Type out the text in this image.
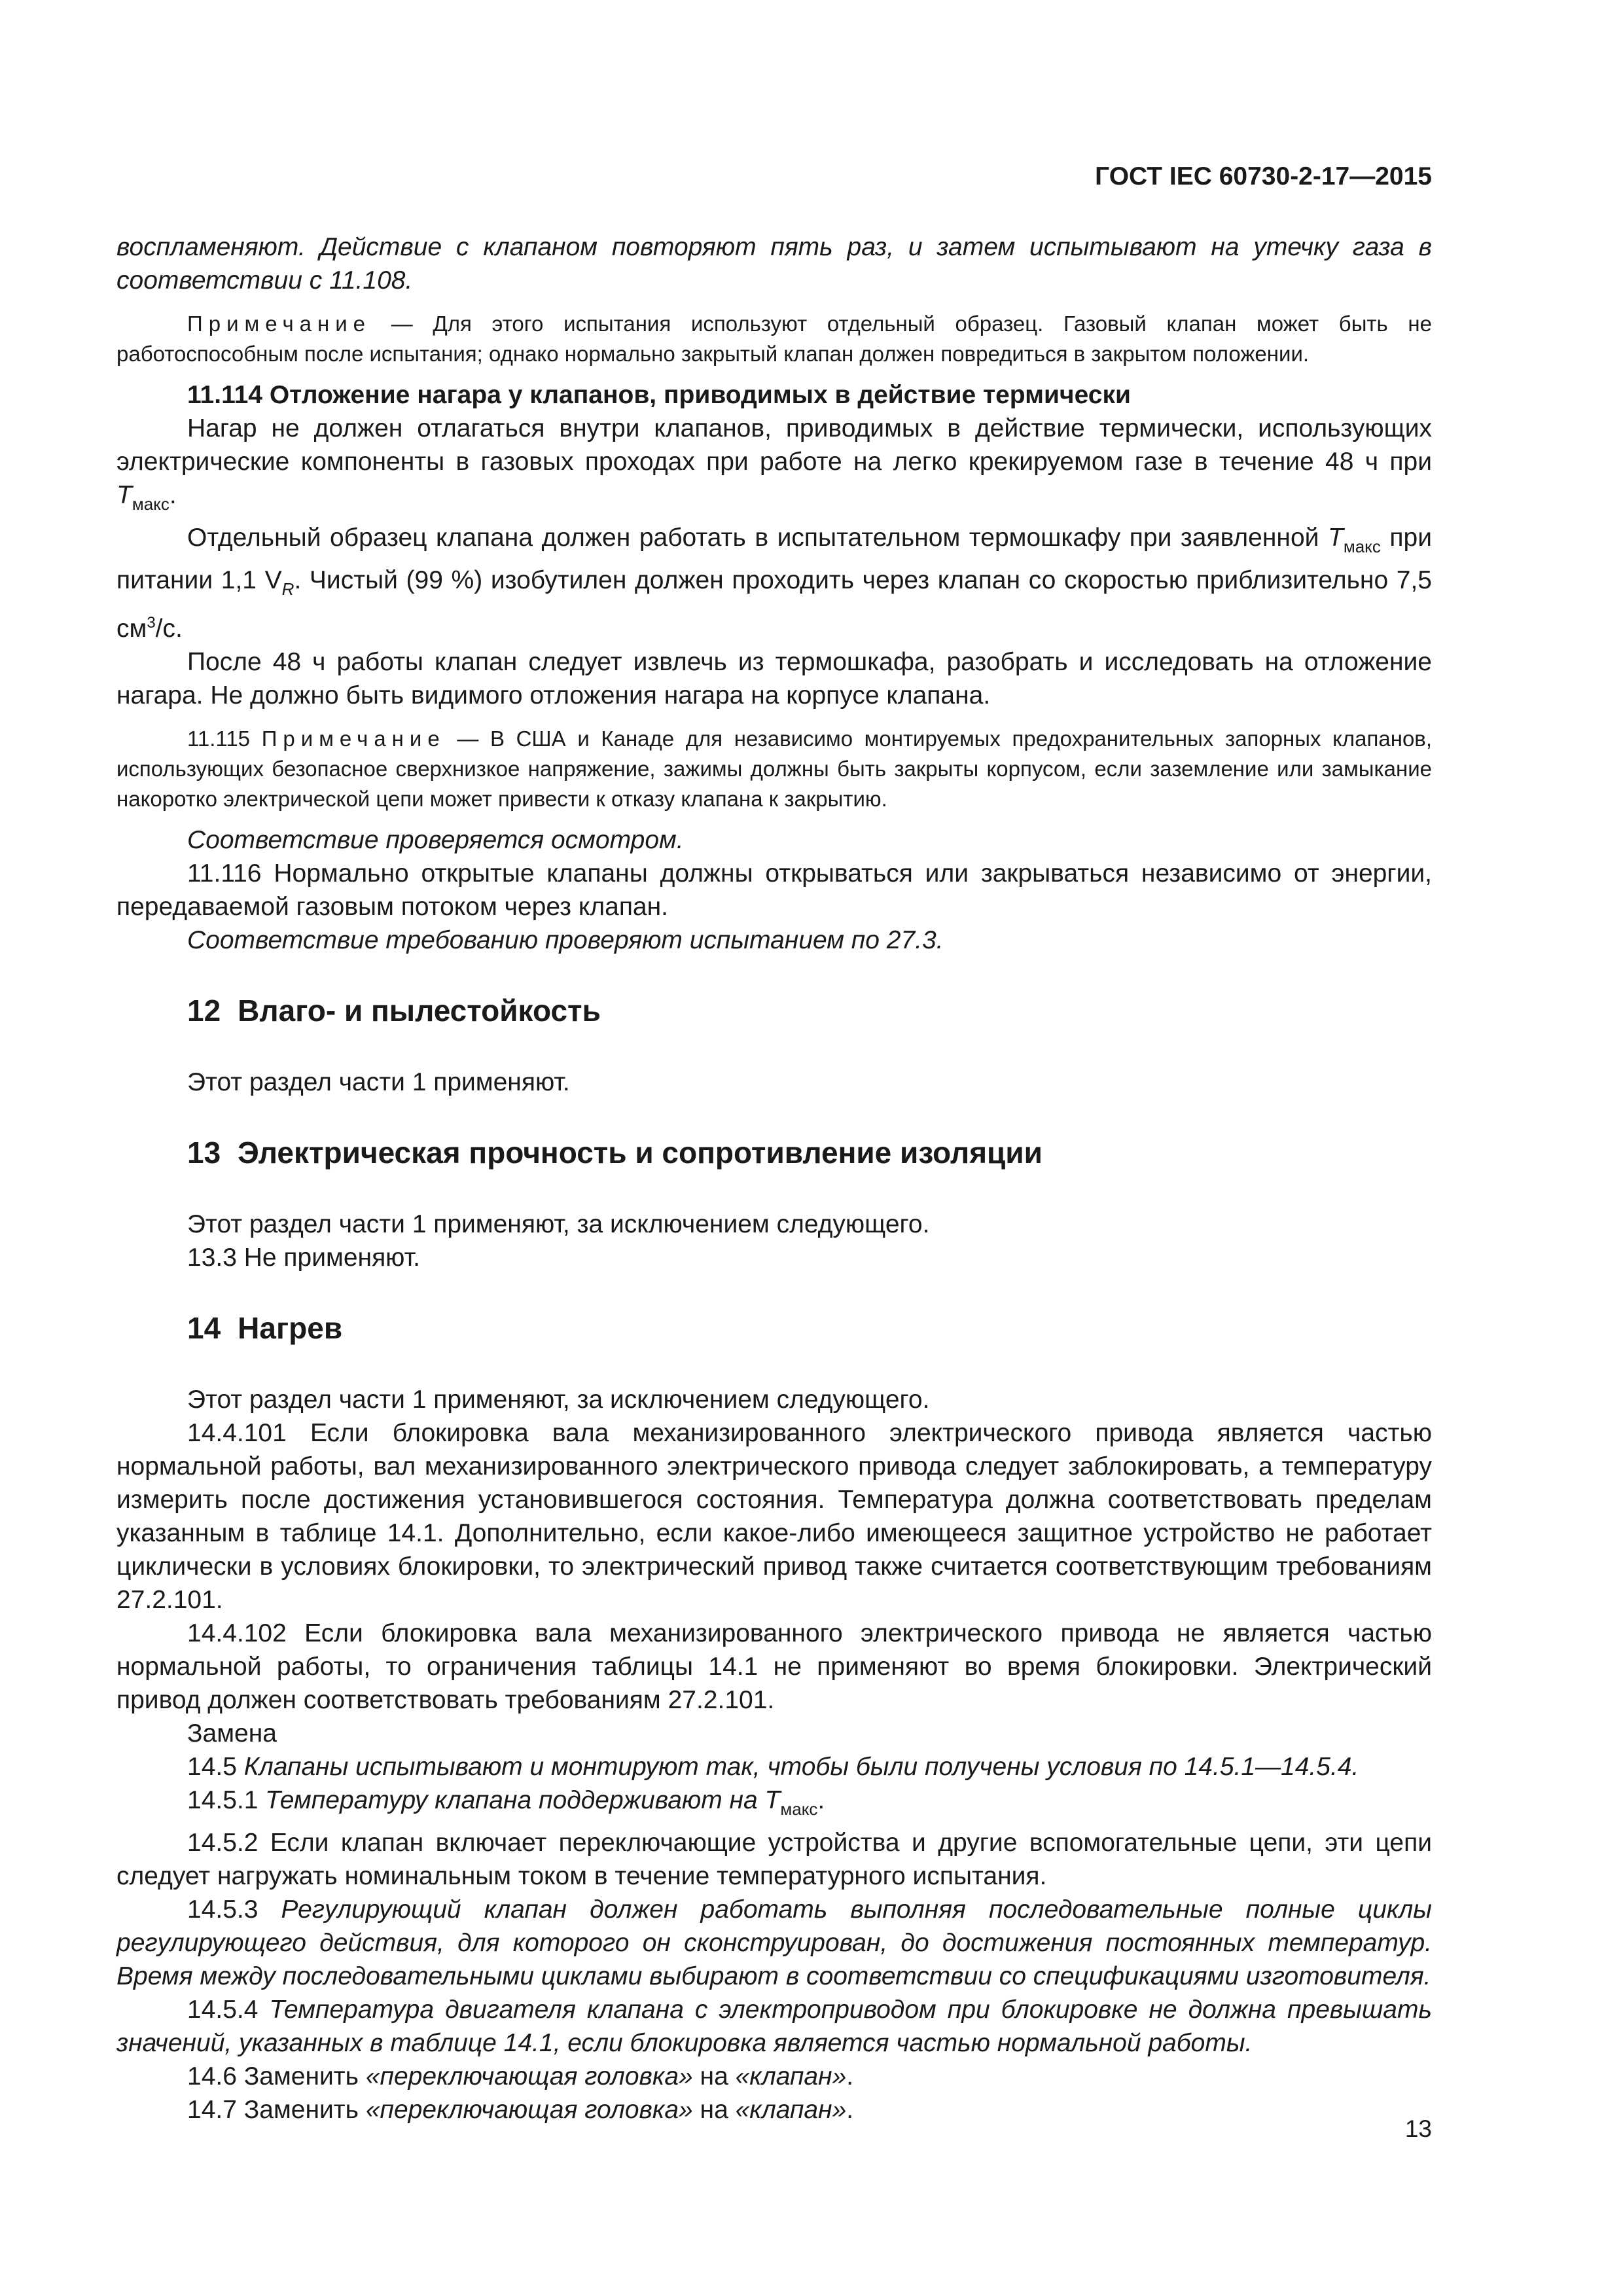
ГОСТ IEC 60730-2-17—2015

воспламеняют. Действие с клапаном повторяют пять раз, и затем испытывают на утечку газа в соответствии с 11.108.

Примечание — Для этого испытания используют отдельный образец. Газовый клапан может быть не работоспособным после испытания; однако нормально закрытый клапан должен повредиться в закрытом положении.

11.114 Отложение нагара у клапанов, приводимых в действие термически

Нагар не должен отлагаться внутри клапанов, приводимых в действие термически, использующих электрические компоненты в газовых проходах при работе на легко крекируемом газе в течение 48 ч при $T_{макс}$.

Отдельный образец клапана должен работать в испытательном термошкафу при заявленной $T_{макс}$ при питании 1,1 $V_R$. Чистый (99 %) изобутилен должен проходить через клапан со скоростью приблизительно 7,5 $см^3/с$.

После 48 ч работы клапан следует извлечь из термошкафа, разобрать и исследовать на отложение нагара. Не должно быть видимого отложения нагара на корпусе клапана.

11.115 Примечание — В США и Канаде для независимо монтируемых предохранительных запорных клапанов, использующих безопасное сверхнизкое напряжение, зажимы должны быть закрыты корпусом, если заземление или замыкание накоротко электрической цепи может привести к отказу клапана к закрытию.

Соответствие проверяется осмотром.

11.116 Нормально открытые клапаны должны открываться или закрываться независимо от энергии, передаваемой газовым потоком через клапан.

Соответствие требованию проверяют испытанием по 27.3.

12 Влаго- и пылестойкость

Этот раздел части 1 применяют.

13 Электрическая прочность и сопротивление изоляции

Этот раздел части 1 применяют, за исключением следующего.

13.3 Не применяют.

14 Нагрев

Этот раздел части 1 применяют, за исключением следующего.

14.4.101 Если блокировка вала механизированного электрического привода является частью нормальной работы, вал механизированного электрического привода следует заблокировать, а температуру измерить после достижения установившегося состояния. Температура должна соответствовать пределам указанным в таблице 14.1. Дополнительно, если какое-либо имеющееся защитное устройство не работает циклически в условиях блокировки, то электрический привод также считается соответствующим требованиям 27.2.101.

14.4.102 Если блокировка вала механизированного электрического привода не является частью нормальной работы, то ограничения таблицы 14.1 не применяют во время блокировки. Электрический привод должен соответствовать требованиям 27.2.101.

Замена

14.5 Клапаны испытывают и монтируют так, чтобы были получены условия по 14.5.1—14.5.4.

14.5.1 Температуру клапана поддерживают на $T_{макс}$.

14.5.2 Если клапан включает переключающие устройства и другие вспомогательные цепи, эти цепи следует нагружать номинальным током в течение температурного испытания.

14.5.3 Регулирующий клапан должен работать выполняя последовательные полные циклы регулирующего действия, для которого он сконструирован, до достижения постоянных температур. Время между последовательными циклами выбирают в соответствии со спецификациями изготовителя.

14.5.4 Температура двигателя клапана с электроприводом при блокировке не должна превышать значений, указанных в таблице 14.1, если блокировка является частью нормальной работы.

14.6 Заменить «переключающая головка» на «клапан».

14.7 Заменить «переключающая головка» на «клапан».

13
